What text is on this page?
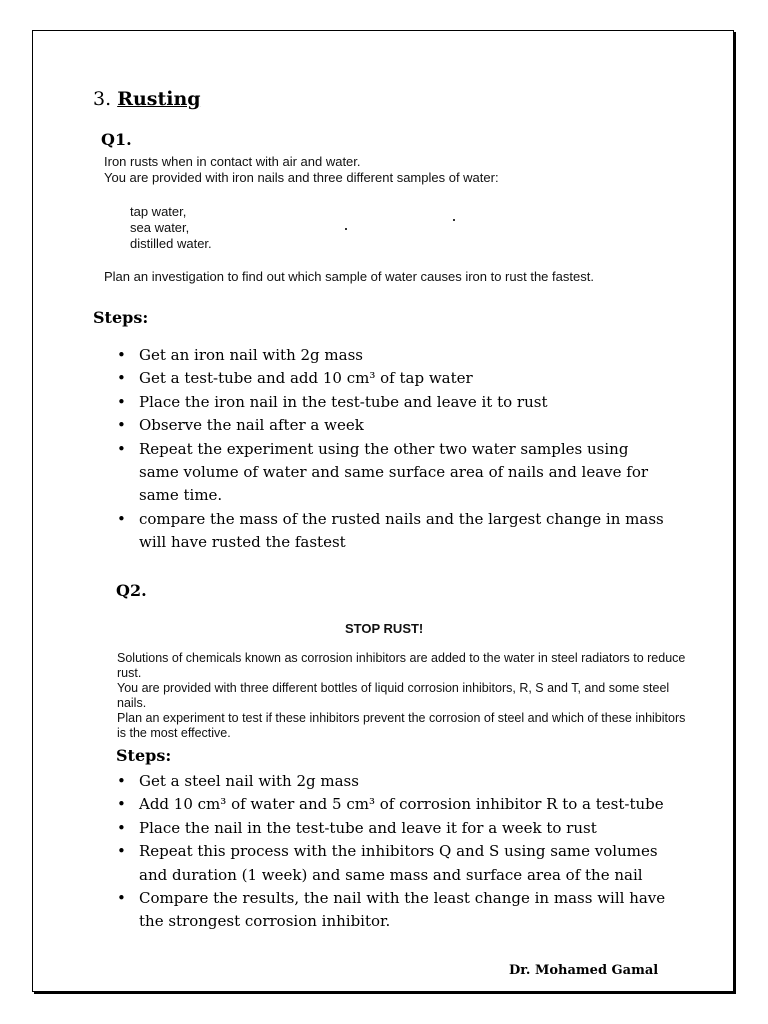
3. Rusting
Q1.
Iron rusts when in contact with air and water.
You are provided with iron nails and three different samples of water:
tap water,
sea water,
distilled water.
Plan an investigation to find out which sample of water causes iron to rust the fastest.
Steps:
• Get an iron nail with 2g mass
• Get a test-tube and add 10 cm³ of tap water
• Place the iron nail in the test-tube and leave it to rust
• Observe the nail after a week
• Repeat the experiment using the other two water samples using same volume of water and same surface area of nails and leave for same time.
• compare the mass of the rusted nails and the largest change in mass will have rusted the fastest
Q2.
STOP RUST!
Solutions of chemicals known as corrosion inhibitors are added to the water in steel radiators to reduce rust.
You are provided with three different bottles of liquid corrosion inhibitors, R, S and T, and some steel nails.
Plan an experiment to test if these inhibitors prevent the corrosion of steel and which of these inhibitors is the most effective.
Steps:
• Get a steel nail with 2g mass
• Add 10 cm³ of water and 5 cm³ of corrosion inhibitor R to a test-tube
• Place the nail in the test-tube and leave it for a week to rust
• Repeat this process with the inhibitors Q and S using same volumes and duration (1 week) and same mass and surface area of the nail
• Compare the results, the nail with the least change in mass will have the strongest corrosion inhibitor.
Dr. Mohamed Gamal
